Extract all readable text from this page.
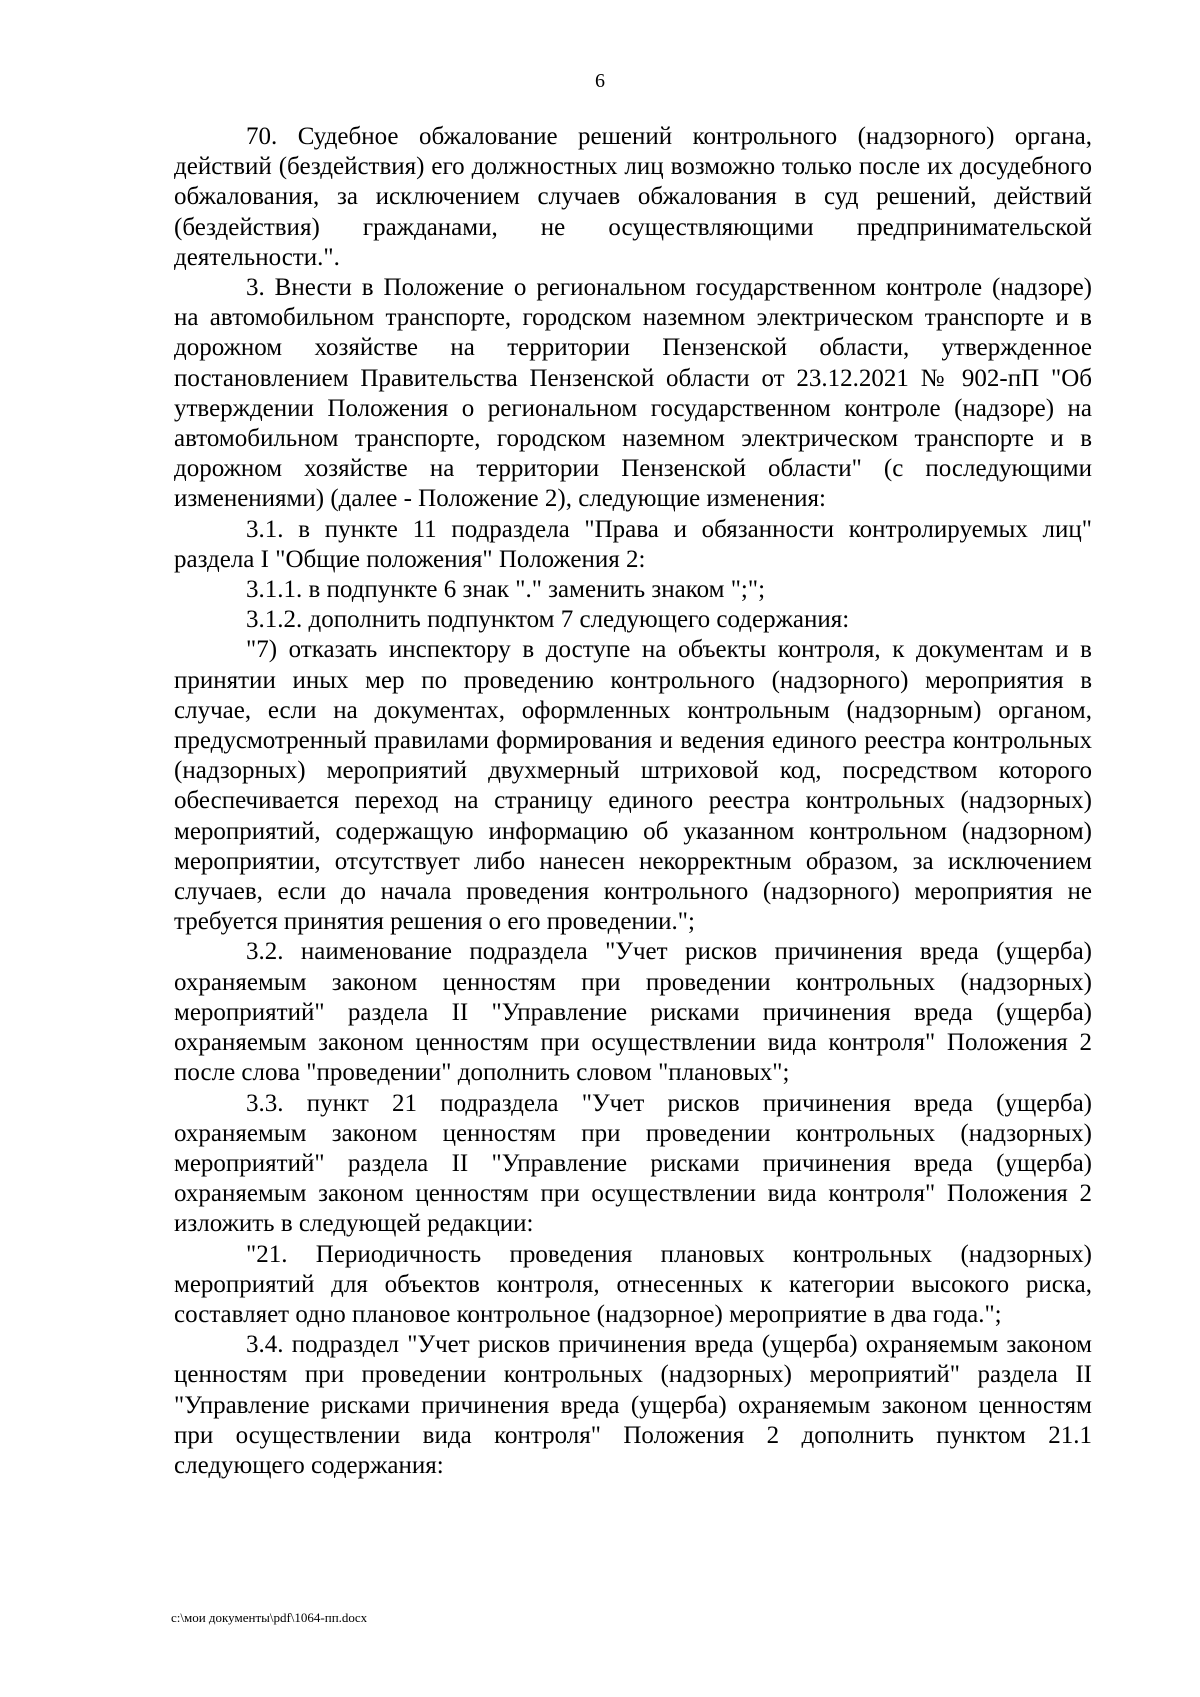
6

70. Судебное обжалование решений контрольного (надзорного) органа, действий (бездействия) его должностных лиц возможно только после их досудебного обжалования, за исключением случаев обжалования в суд решений, действий (бездействия) гражданами, не осуществляющими предпринимательской деятельности.".

3. Внести в Положение о региональном государственном контроле (надзоре) на автомобильном транспорте, городском наземном электрическом транспорте и в дорожном хозяйстве на территории Пензенской области, утвержденное постановлением Правительства Пензенской области от 23.12.2021 № 902-пП "Об утверждении Положения о региональном государственном контроле (надзоре) на автомобильном транспорте, городском наземном электрическом транспорте и в дорожном хозяйстве на территории Пензенской области" (с последующими изменениями) (далее - Положение 2), следующие изменения:

3.1. в пункте 11 подраздела "Права и обязанности контролируемых лиц" раздела I "Общие положения" Положения 2:

3.1.1. в подпункте 6 знак "." заменить знаком ";";

3.1.2. дополнить подпунктом 7 следующего содержания:

"7) отказать инспектору в доступе на объекты контроля, к документам и в принятии иных мер по проведению контрольного (надзорного) мероприятия в случае, если на документах, оформленных контрольным (надзорным) органом, предусмотренный правилами формирования и ведения единого реестра контрольных (надзорных) мероприятий двухмерный штриховой код, посредством которого обеспечивается переход на страницу единого реестра контрольных (надзорных) мероприятий, содержащую информацию об указанном контрольном (надзорном) мероприятии, отсутствует либо нанесен некорректным образом, за исключением случаев, если до начала проведения контрольного (надзорного) мероприятия не требуется принятия решения о его проведении.";

3.2. наименование подраздела "Учет рисков причинения вреда (ущерба) охраняемым законом ценностям при проведении контрольных (надзорных) мероприятий" раздела II "Управление рисками причинения вреда (ущерба) охраняемым законом ценностям при осуществлении вида контроля" Положения 2 после слова "проведении" дополнить словом "плановых";

3.3. пункт 21 подраздела "Учет рисков причинения вреда (ущерба) охраняемым законом ценностям при проведении контрольных (надзорных) мероприятий" раздела II "Управление рисками причинения вреда (ущерба) охраняемым законом ценностям при осуществлении вида контроля" Положения 2 изложить в следующей редакции:

"21. Периодичность проведения плановых контрольных (надзорных) мероприятий для объектов контроля, отнесенных к категории высокого риска, составляет одно плановое контрольное (надзорное) мероприятие в два года.";

3.4. подраздел "Учет рисков причинения вреда (ущерба) охраняемым законом ценностям при проведении контрольных (надзорных) мероприятий" раздела II "Управление рисками причинения вреда (ущерба) охраняемым законом ценностям при осуществлении вида контроля" Положения 2 дополнить пунктом 21.1 следующего содержания:

c:\мои документы\pdf\1064-пп.docx
